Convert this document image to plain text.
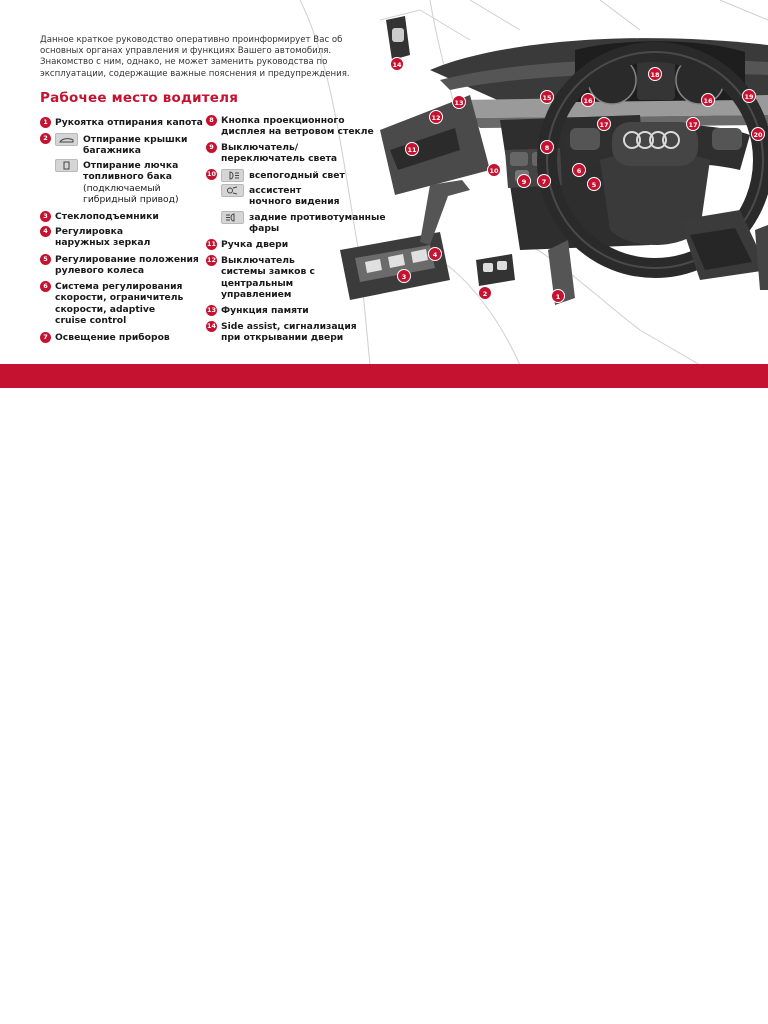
Данное краткое руководство оперативно проинформирует Вас об
основных органах управления и функциях Вашего автомобиля.
Знакомство с ним, однако, не может заменить руководства по
эксплуатации, содержащие важные пояснения и предупреждения.
Рабочее место водителя
1 Рукоятка отпирания капота
2	Отпирание крышки
багажника
Отпирание лючка
топливного бака
(подключаемый
гибридный привод)
3 Стеклоподъемники
4 Регулировка
наружных зеркал
5 Регулирование положения
рулевого колеса
6 Система регулирования
скорости, ограничитель
скорости, adaptive
cruise control
7 Освещение приборов
8 Кнопка проекционного
дисплея на ветровом стекле
9 Выключатель/
переключатель света
10	всепогодный свет
ассистент
ночного видения
задние противотуманные
фары
11 Ручка двери
12 Выключатель
системы замков с
центральным
управлением
13 Функция памяти
14 Side assist, сигнализация
при открывании двери
14
18
15	16	16	19
13
12
17	17
20
11	8
10
9	7
6
5
4
3
2	1
